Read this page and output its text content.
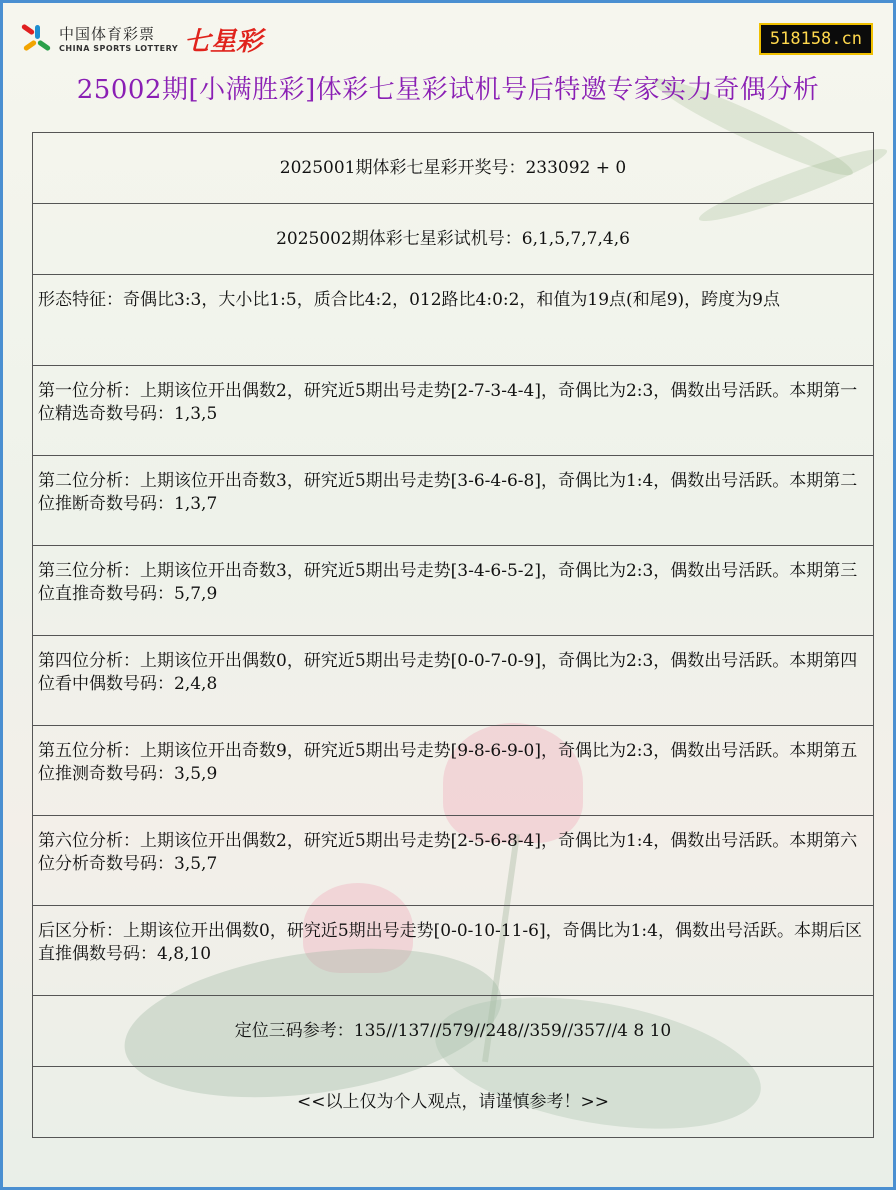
中国体育彩票
CHINA SPORTS LOTTERY 七星彩	518158.cn
25002期[小满胜彩]体彩七星彩试机号后特邀专家实力奇偶分析
2025001期体彩七星彩开奖号：233092 + 0
2025002期体彩七星彩试机号：6,1,5,7,7,4,6
形态特征：奇偶比3:3，大小比1:5，质合比4:2，012路比4:0:2，和值为19点(和尾9)，跨度为9点
第一位分析：上期该位开出偶数2，研究近5期出号走势[2-7-3-4-4]，奇偶比为2:3，偶数出号活跃。本期第一位精选奇数号码：1,3,5
第二位分析：上期该位开出奇数3，研究近5期出号走势[3-6-4-6-8]，奇偶比为1:4，偶数出号活跃。本期第二位推断奇数号码：1,3,7
第三位分析：上期该位开出奇数3，研究近5期出号走势[3-4-6-5-2]，奇偶比为2:3，偶数出号活跃。本期第三位直推奇数号码：5,7,9
第四位分析：上期该位开出偶数0，研究近5期出号走势[0-0-7-0-9]，奇偶比为2:3，偶数出号活跃。本期第四位看中偶数号码：2,4,8
第五位分析：上期该位开出奇数9，研究近5期出号走势[9-8-6-9-0]，奇偶比为2:3，偶数出号活跃。本期第五位推测奇数号码：3,5,9
第六位分析：上期该位开出偶数2，研究近5期出号走势[2-5-6-8-4]，奇偶比为1:4，偶数出号活跃。本期第六位分析奇数号码：3,5,7
后区分析：上期该位开出偶数0，研究近5期出号走势[0-0-10-11-6]，奇偶比为1:4，偶数出号活跃。本期后区直推偶数号码：4,8,10
定位三码参考：135//137//579//248//359//357//4 8 10
<<以上仅为个人观点，请谨慎参考！>>
